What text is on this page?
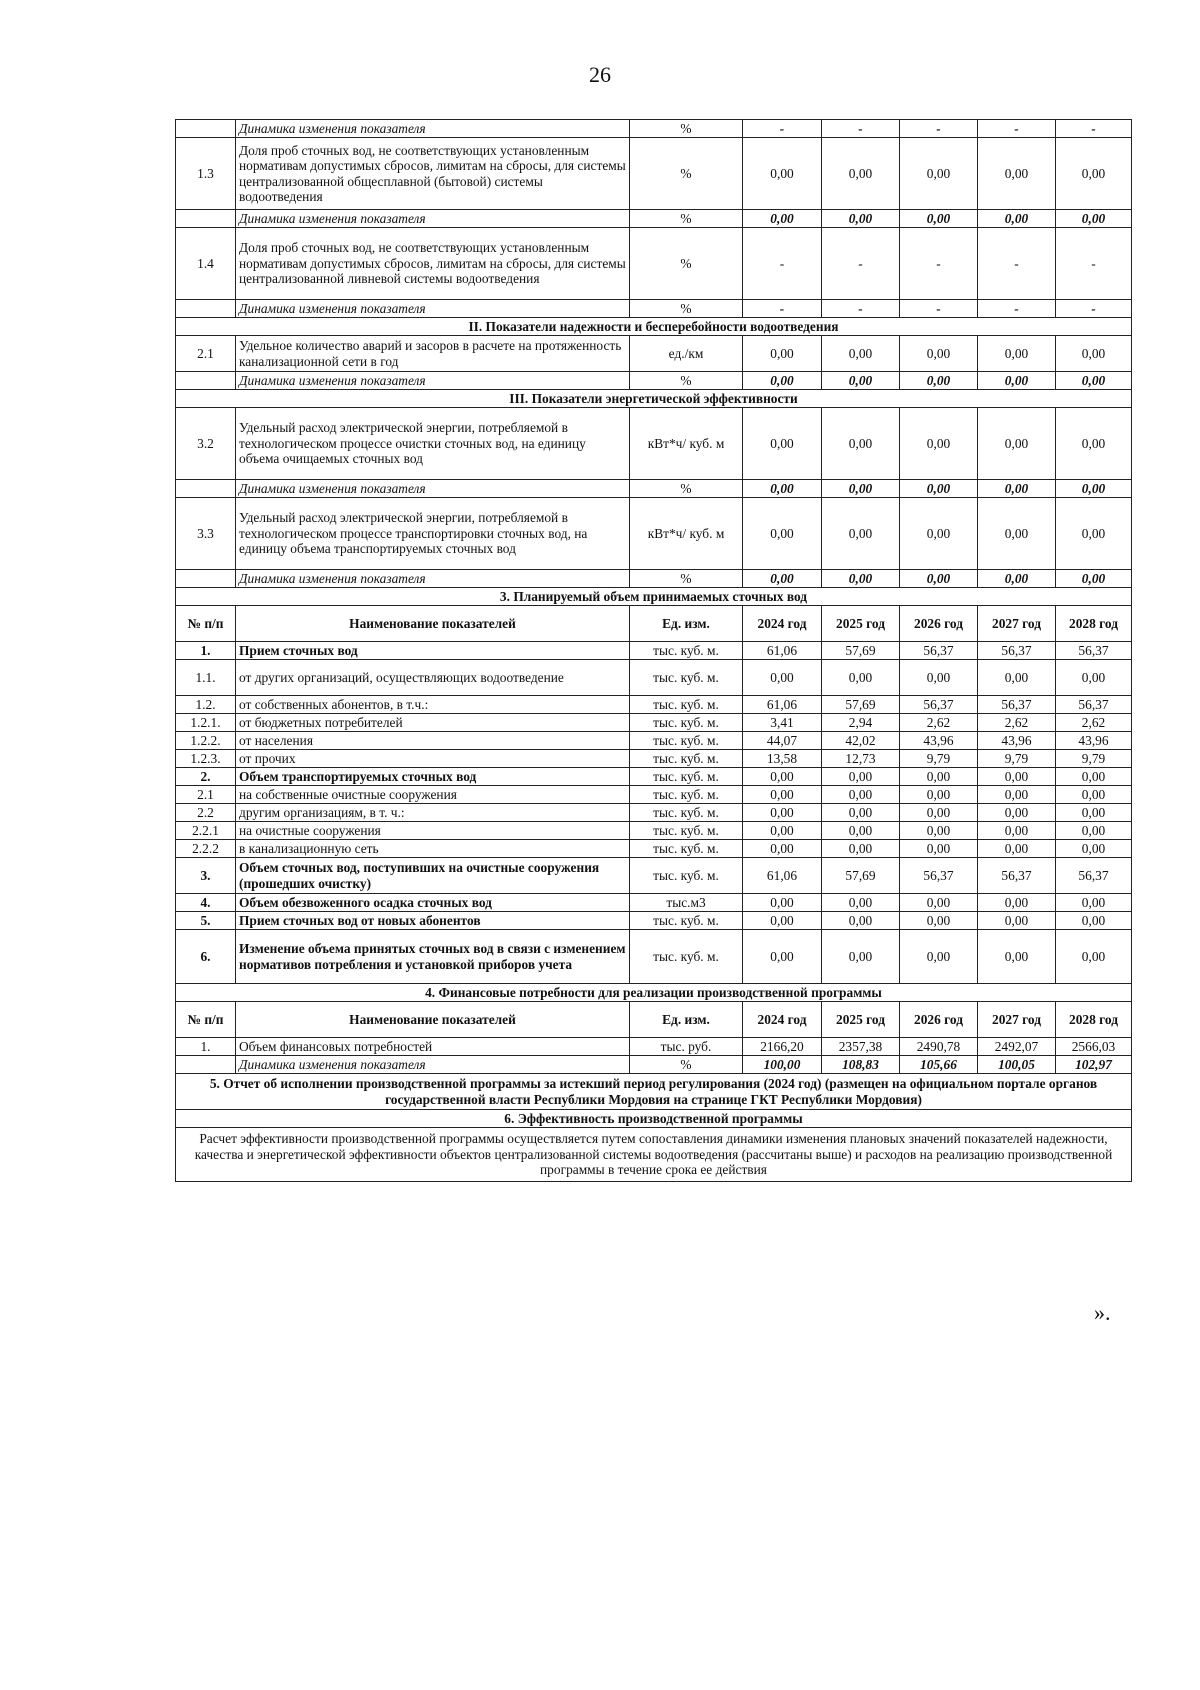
26
	Динамика изменения показателя	%	-	-	-	-	-
1.3	Доля проб сточных вод, не соответствующих установленным нормативам допустимых сбросов, лимитам на сбросы, для системы централизованной общесплавной (бытовой) системы водоотведения	%	0,00	0,00	0,00	0,00	0,00
	Динамика изменения показателя	%	0,00	0,00	0,00	0,00	0,00
1.4	Доля проб сточных вод, не соответствующих установленным нормативам допустимых сбросов, лимитам на сбросы, для системы централизованной ливневой системы водоотведения	%	-	-	-	-	-
	Динамика изменения показателя	%	-	-	-	-	-
II. Показатели надежности и бесперебойности водоотведения							
2.1	Удельное количество аварий и засоров в расчете на протяженность канализационной сети в год	ед./км	0,00	0,00	0,00	0,00	0,00
	Динамика изменения показателя	%	0,00	0,00	0,00	0,00	0,00
III. Показатели энергетической эффективности							
3.2	Удельный расход электрической энергии, потребляемой в технологическом процессе очистки сточных вод, на единицу объема очищаемых сточных вод	кВт*ч/ куб. м	0,00	0,00	0,00	0,00	0,00
	Динамика изменения показателя	%	0,00	0,00	0,00	0,00	0,00
3.3	Удельный расход электрической энергии, потребляемой в технологическом процессе транспортировки сточных вод, на единицу объема транспортируемых сточных вод	кВт*ч/ куб. м	0,00	0,00	0,00	0,00	0,00
	Динамика изменения показателя	%	0,00	0,00	0,00	0,00	0,00
3. Планируемый объем принимаемых сточных вод							
№ п/п	Наименование показателей	Ед. изм.	2024 год	2025 год	2026 год	2027 год	2028 год
1.	Прием сточных вод	тыс. куб. м.	61,06	57,69	56,37	56,37	56,37
1.1.	от других организаций, осуществляющих водоотведение	тыс. куб. м.	0,00	0,00	0,00	0,00	0,00
1.2.	от собственных абонентов, в т.ч.:	тыс. куб. м.	61,06	57,69	56,37	56,37	56,37
1.2.1.	от бюджетных потребителей	тыс. куб. м.	3,41	2,94	2,62	2,62	2,62
1.2.2.	от населения	тыс. куб. м.	44,07	42,02	43,96	43,96	43,96
1.2.3.	от прочих	тыс. куб. м.	13,58	12,73	9,79	9,79	9,79
2.	Объем транспортируемых сточных вод	тыс. куб. м.	0,00	0,00	0,00	0,00	0,00
2.1	на собственные очистные сооружения	тыс. куб. м.	0,00	0,00	0,00	0,00	0,00
2.2	другим организациям, в т. ч.:	тыс. куб. м.	0,00	0,00	0,00	0,00	0,00
2.2.1	на очистные сооружения	тыс. куб. м.	0,00	0,00	0,00	0,00	0,00
2.2.2	в канализационную сеть	тыс. куб. м.	0,00	0,00	0,00	0,00	0,00
3.	Объем сточных вод, поступивших на очистные сооружения (прошедших очистку)	тыс. куб. м.	61,06	57,69	56,37	56,37	56,37
4.	Объем обезвоженного осадка сточных вод	тыс.м3	0,00	0,00	0,00	0,00	0,00
5.	Прием сточных вод от новых абонентов	тыс. куб. м.	0,00	0,00	0,00	0,00	0,00
6.	Изменение объема принятых сточных вод в связи с изменением нормативов потребления и установкой приборов учета	тыс. куб. м.	0,00	0,00	0,00	0,00	0,00
4. Финансовые потребности для реализации производственной программы							
№ п/п	Наименование показателей	Ед. изм.	2024 год	2025 год	2026 год	2027 год	2028 год
1.	Объем финансовых потребностей	тыс. руб.	2166,20	2357,38	2490,78	2492,07	2566,03
	Динамика изменения показателя	%	100,00	108,83	105,66	100,05	102,97
5. Отчет об исполнении производственной программы за истекший период регулирования (2024 год) (размещен на официальном портале органов государственной власти Республики Мордовия на странице ГКТ Республики Мордовия)							
6. Эффективность производственной программы							
Расчет эффективности производственной программы осуществляется путем сопоставления динамики изменения плановых значений показателей надежности, качества и энергетической эффективности объектов централизованной системы водоотведения (рассчитаны выше) и расходов на реализацию производственной программы в течение срока ее действия							
».
